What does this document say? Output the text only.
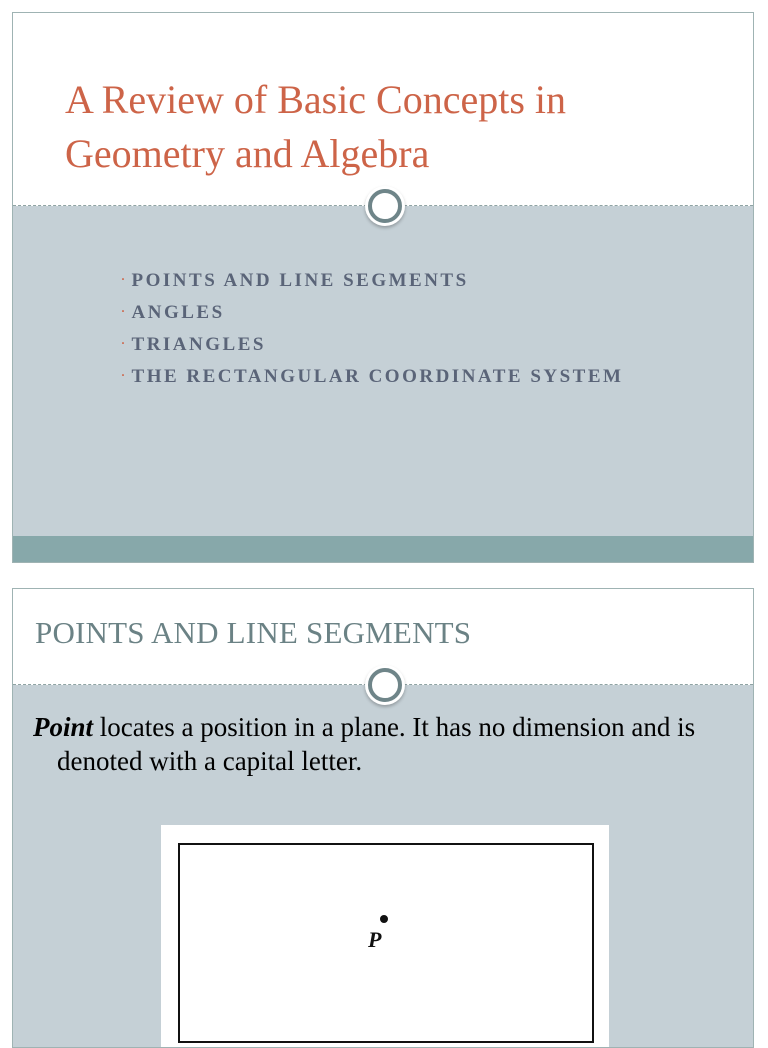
A Review of Basic Concepts in Geometry and Algebra
· POINTS AND LINE SEGMENTS
· ANGLES
· TRIANGLES
· THE RECTANGULAR COORDINATE SYSTEM
POINTS AND LINE SEGMENTS

Point locates a position in a plane. It has no dimension and is denoted with a capital letter.

P
